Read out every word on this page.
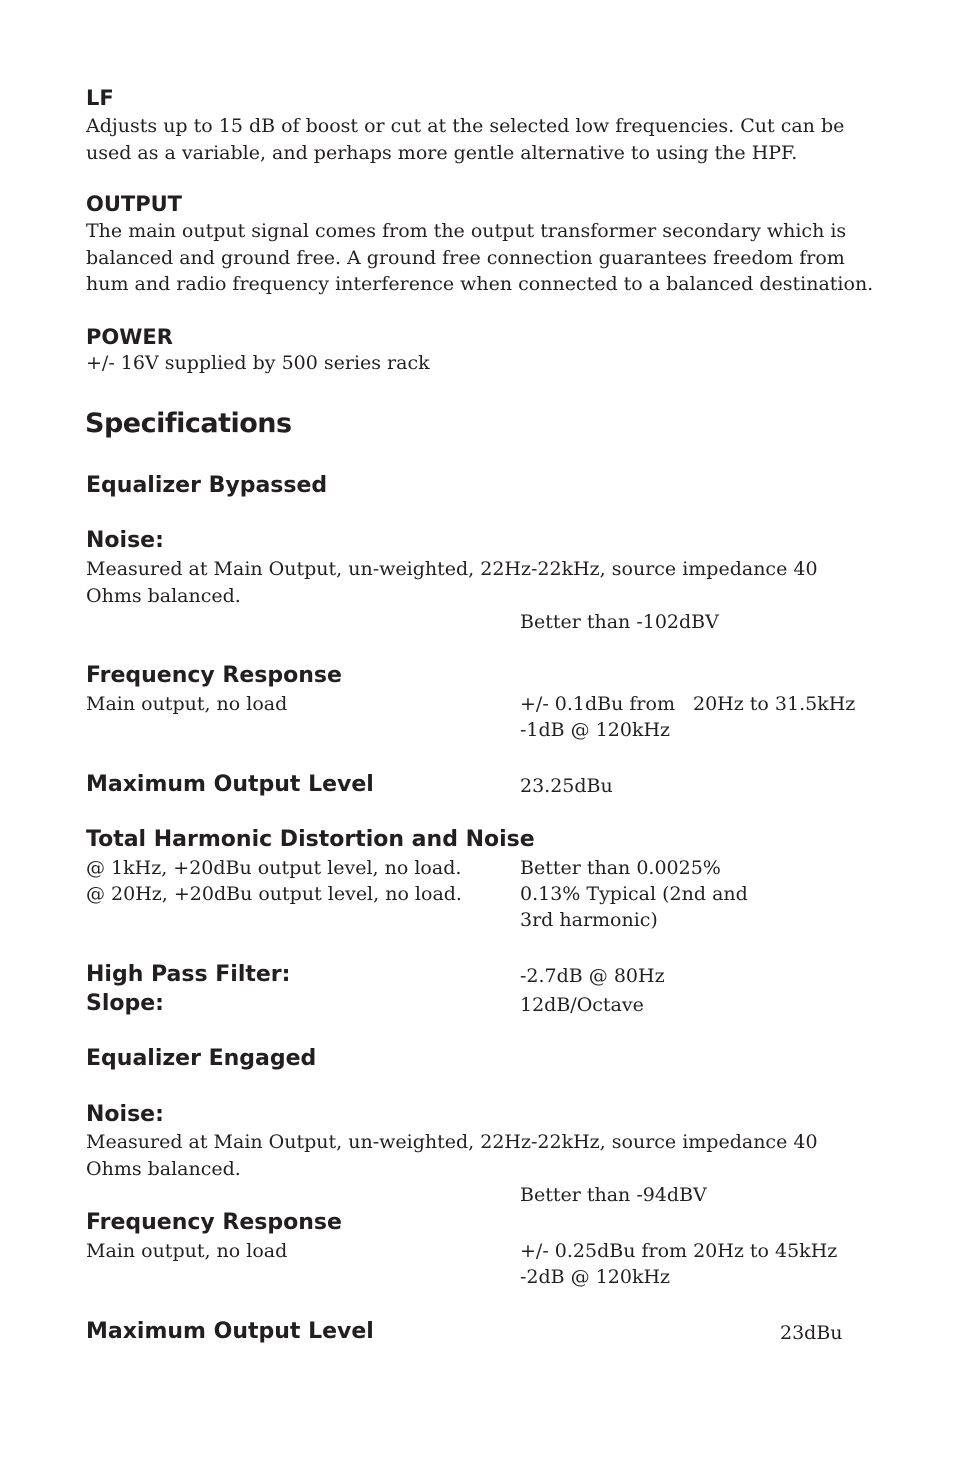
LF

Adjusts up to 15 dB of boost or cut at the selected low frequencies. Cut can be used as a variable, and perhaps more gentle alternative to using the HPF.

OUTPUT

The main output signal comes from the output transformer secondary which is balanced and ground free. A ground free connection guarantees freedom from hum and radio frequency interference when connected to a balanced destination.

POWER
+/- 16V supplied by 500 series rack
Specifications
Equalizer Bypassed
Noise:

Measured at Main Output, un-weighted, 22Hz-22kHz, source impedance 40 Ohms balanced.

Better than -102dBV
Frequency Response
Main output, no load	+/- 0.1dBu from 20Hz to 31.5kHz
-1dB @ 120kHz
Maximum Output Level	23.25dBu
Total Harmonic Distortion and Noise
@ 1kHz, +20dBu output level, no load.	Better than 0.0025%
@ 20Hz, +20dBu output level, no load.	0.13% Typical (2nd and
3rd harmonic)
High Pass Filter:	-2.7dB @ 80Hz
Slope:	12dB/Octave
Equalizer Engaged
Noise:

Measured at Main Output, un-weighted, 22Hz-22kHz, source impedance 40 Ohms balanced.

Better than -94dBV
Frequency Response
Main output, no load	+/- 0.25dBu from 20Hz to 45kHz
-2dB @ 120kHz
Maximum Output Level	23dBu
